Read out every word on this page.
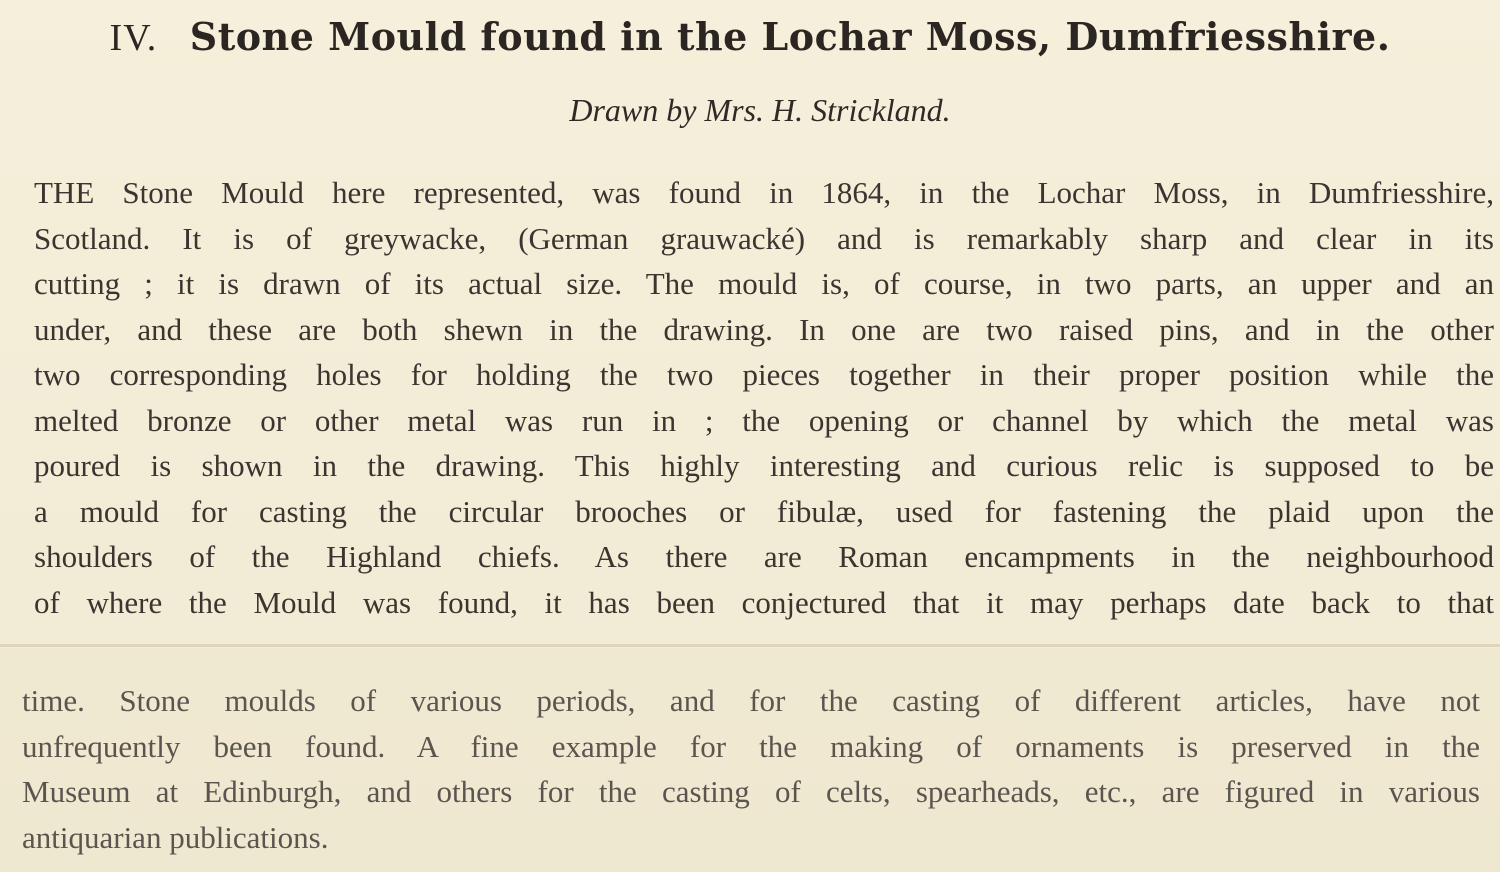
IV. Stone Mould found in the Lochar Moss, Dumfriesshire.
Drawn by Mrs. H. Strickland.
THE Stone Mould here represented, was found in 1864, in the Lochar Moss, in Dumfriesshire,
Scotland. It is of greywacke, (German grauwacké) and is remarkably sharp and clear in its
cutting ; it is drawn of its actual size. The mould is, of course, in two parts, an upper and an
under, and these are both shewn in the drawing. In one are two raised pins, and in the other
two corresponding holes for holding the two pieces together in their proper position while the
melted bronze or other metal was run in ; the opening or channel by which the metal was
poured is shown in the drawing. This highly interesting and curious relic is supposed to be
a mould for casting the circular brooches or fibulæ, used for fastening the plaid upon the
shoulders of the Highland chiefs. As there are Roman encampments in the neighbourhood
of where the Mould was found, it has been conjectured that it may perhaps date back to that
time. Stone moulds of various periods, and for the casting of different articles, have not
unfrequently been found. A fine example for the making of ornaments is preserved in the
Museum at Edinburgh, and others for the casting of celts, spearheads, etc., are figured in various
antiquarian publications.
